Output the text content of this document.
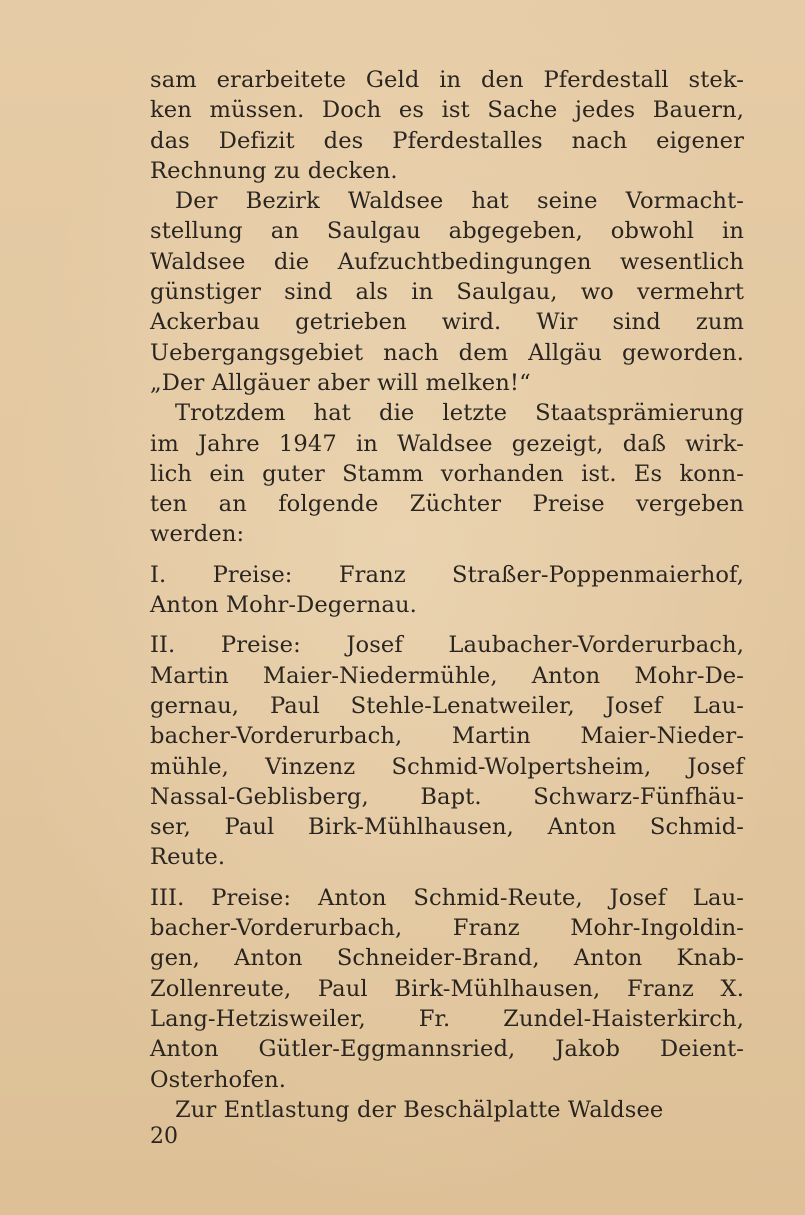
sam erarbeitete Geld in den Pferdestall stek-
ken müssen. Doch es ist Sache jedes Bauern,
das Defizit des Pferdestalles nach eigener
Rechnung zu decken.
Der Bezirk Waldsee hat seine Vormacht-
stellung an Saulgau abgegeben, obwohl in
Waldsee die Aufzuchtbedingungen wesentlich
günstiger sind als in Saulgau, wo vermehrt
Ackerbau getrieben wird. Wir sind zum
Uebergangsgebiet nach dem Allgäu geworden.
„Der Allgäuer aber will melken!“
Trotzdem hat die letzte Staatsprämierung
im Jahre 1947 in Waldsee gezeigt, daß wirk-
lich ein guter Stamm vorhanden ist. Es konn-
ten an folgende Züchter Preise vergeben
werden:
I. Preise: Franz Straßer-Poppenmaierhof,
Anton Mohr-Degernau.
II. Preise: Josef Laubacher-Vorderurbach,
Martin Maier-Niedermühle, Anton Mohr-De-
gernau, Paul Stehle-Lenatweiler, Josef Lau-
bacher-Vorderurbach, Martin Maier-Nieder-
mühle, Vinzenz Schmid-Wolpertsheim, Josef
Nassal-Geblisberg, Bapt. Schwarz-Fünfhäu-
ser, Paul Birk-Mühlhausen, Anton Schmid-
Reute.
III. Preise: Anton Schmid-Reute, Josef Lau-
bacher-Vorderurbach, Franz Mohr-Ingoldin-
gen, Anton Schneider-Brand, Anton Knab-
Zollenreute, Paul Birk-Mühlhausen, Franz X.
Lang-Hetzisweiler, Fr. Zundel-Haisterkirch,
Anton Gütler-Eggmannsried, Jakob Deient-
Osterhofen.
Zur Entlastung der Beschälplatte Waldsee
20
